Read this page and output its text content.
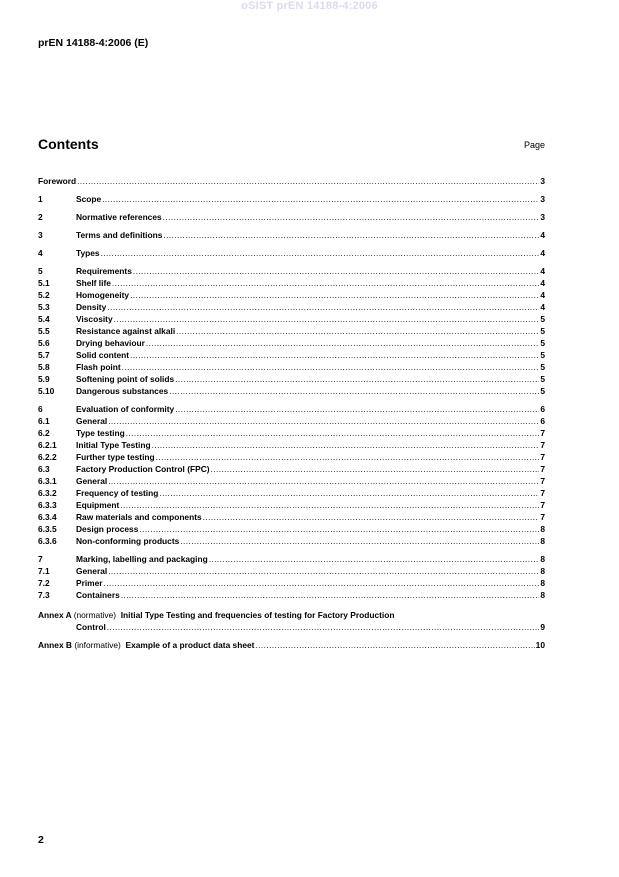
oSIST prEN 14188-4:2006
prEN 14188-4:2006 (E)
Contents	Page
Foreword .....	3
1	Scope .....	3
2	Normative references .....	3
3	Terms and definitions .....	4
4	Types .....	4
5	Requirements .....	4
5.1	Shelf life .....	4
5.2	Homogeneity .....	4
5.3	Density .....	4
5.4	Viscosity .....	5
5.5	Resistance against alkali .....	5
5.6	Drying behaviour .....	5
5.7	Solid content .....	5
5.8	Flash point .....	5
5.9	Softening point of solids .....	5
5.10	Dangerous substances .....	5
6	Evaluation of conformity .....	6
6.1	General .....	6
6.2	Type testing .....	7
6.2.1	Initial Type Testing .....	7
6.2.2	Further type testing .....	7
6.3	Factory Production Control (FPC) .....	7
6.3.1	General .....	7
6.3.2	Frequency of testing .....	7
6.3.3	Equipment .....	7
6.3.4	Raw materials and components .....	7
6.3.5	Design process .....	8
6.3.6	Non-conforming products .....	8
7	Marking, labelling and packaging .....	8
7.1	General .....	8
7.2	Primer .....	8
7.3	Containers .....	8
Annex A (normative) Initial Type Testing and frequencies of testing for Factory Production
Control .....	9
Annex B (informative) Example of a product data sheet .....	10
2
